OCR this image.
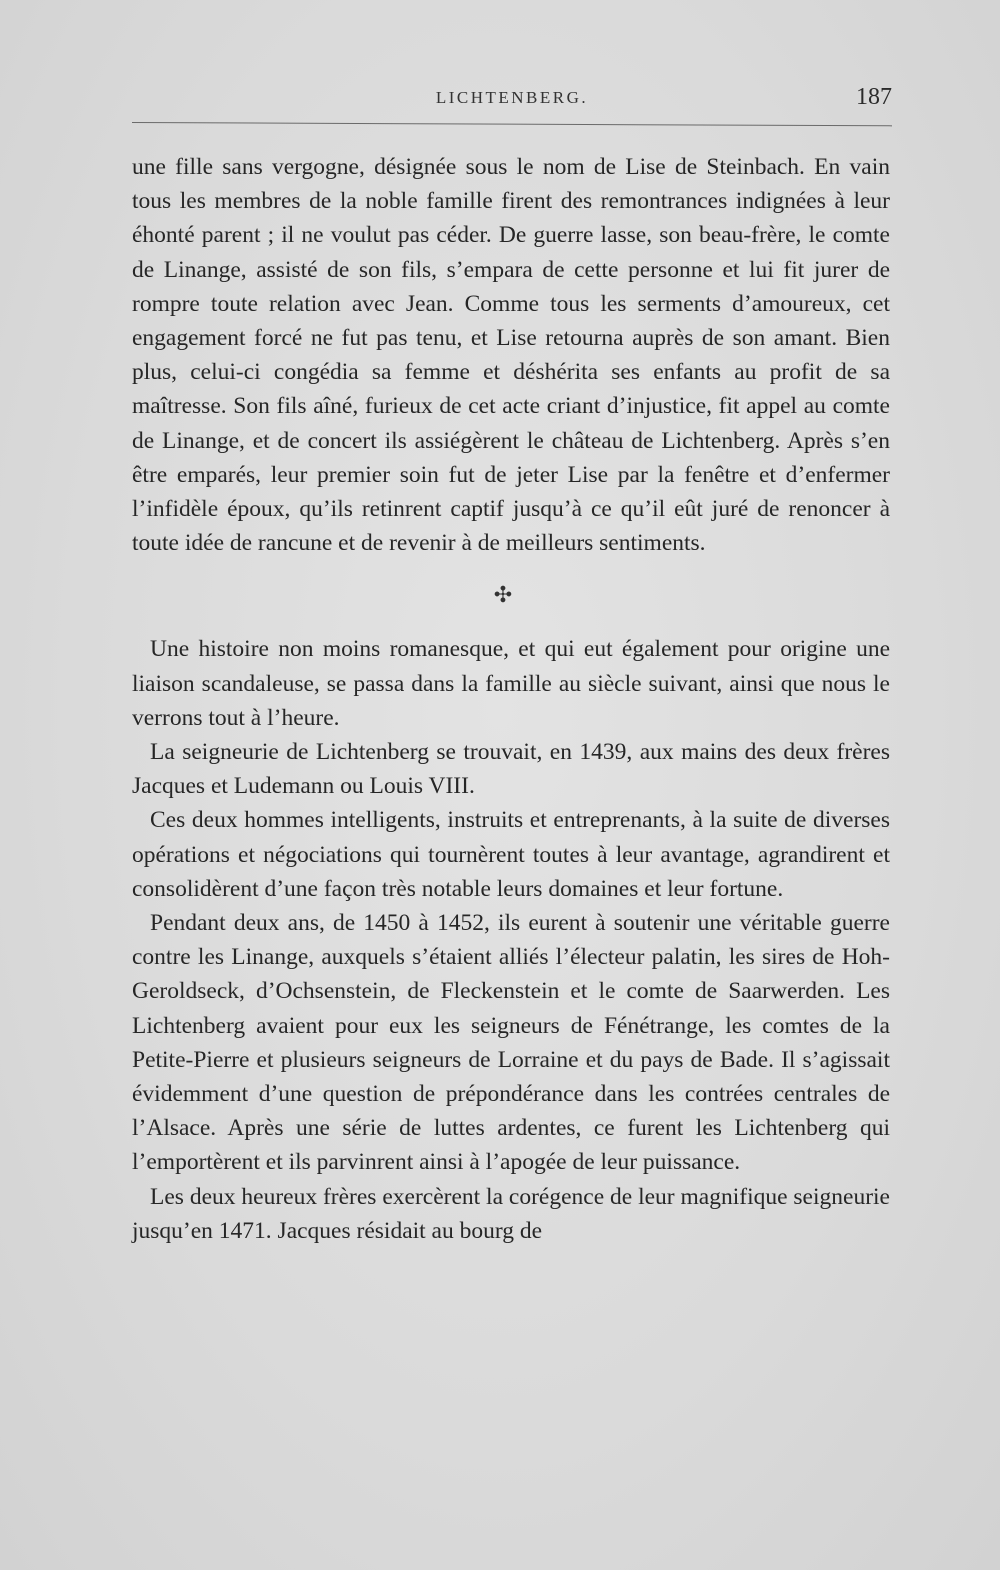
LICHTENBERG.	187

une fille sans vergogne, désignée sous le nom de Lise de Steinbach. En vain tous les membres de la noble famille firent des remontrances indignées à leur éhonté parent ; il ne voulut pas céder. De guerre lasse, son beau-frère, le comte de Linange, assisté de son fils, s’empara de cette personne et lui fit jurer de rompre toute relation avec Jean. Comme tous les serments d’amoureux, cet engagement forcé ne fut pas tenu, et Lise retourna auprès de son amant. Bien plus, celui-ci congédia sa femme et déshérita ses enfants au profit de sa maîtresse. Son fils aîné, furieux de cet acte criant d’injustice, fit appel au comte de Linange, et de concert ils assiégèrent le château de Lichtenberg. Après s’en être emparés, leur premier soin fut de jeter Lise par la fenêtre et d’enfermer l’infidèle époux, qu’ils retinrent captif jusqu’à ce qu’il eût juré de renoncer à toute idée de rancune et de revenir à de meilleurs sentiments.

✣

Une histoire non moins romanesque, et qui eut également pour origine une liaison scandaleuse, se passa dans la famille au siècle suivant, ainsi que nous le verrons tout à l’heure.

La seigneurie de Lichtenberg se trouvait, en 1439, aux mains des deux frères Jacques et Ludemann ou Louis VIII.

Ces deux hommes intelligents, instruits et entreprenants, à la suite de diverses opérations et négociations qui tournèrent toutes à leur avantage, agrandirent et consolidèrent d’une façon très notable leurs domaines et leur fortune.

Pendant deux ans, de 1450 à 1452, ils eurent à soutenir une véritable guerre contre les Linange, auxquels s’étaient alliés l’électeur palatin, les sires de Hoh-Geroldseck, d’Ochsenstein, de Fleckenstein et le comte de Saarwerden. Les Lichtenberg avaient pour eux les seigneurs de Fénétrange, les comtes de la Petite-Pierre et plusieurs seigneurs de Lorraine et du pays de Bade. Il s’agissait évidemment d’une question de prépondérance dans les contrées centrales de l’Alsace. Après une série de luttes ardentes, ce furent les Lichtenberg qui l’emportèrent et ils parvinrent ainsi à l’apogée de leur puissance.

Les deux heureux frères exercèrent la corégence de leur magnifique seigneurie jusqu’en 1471. Jacques résidait au bourg de
